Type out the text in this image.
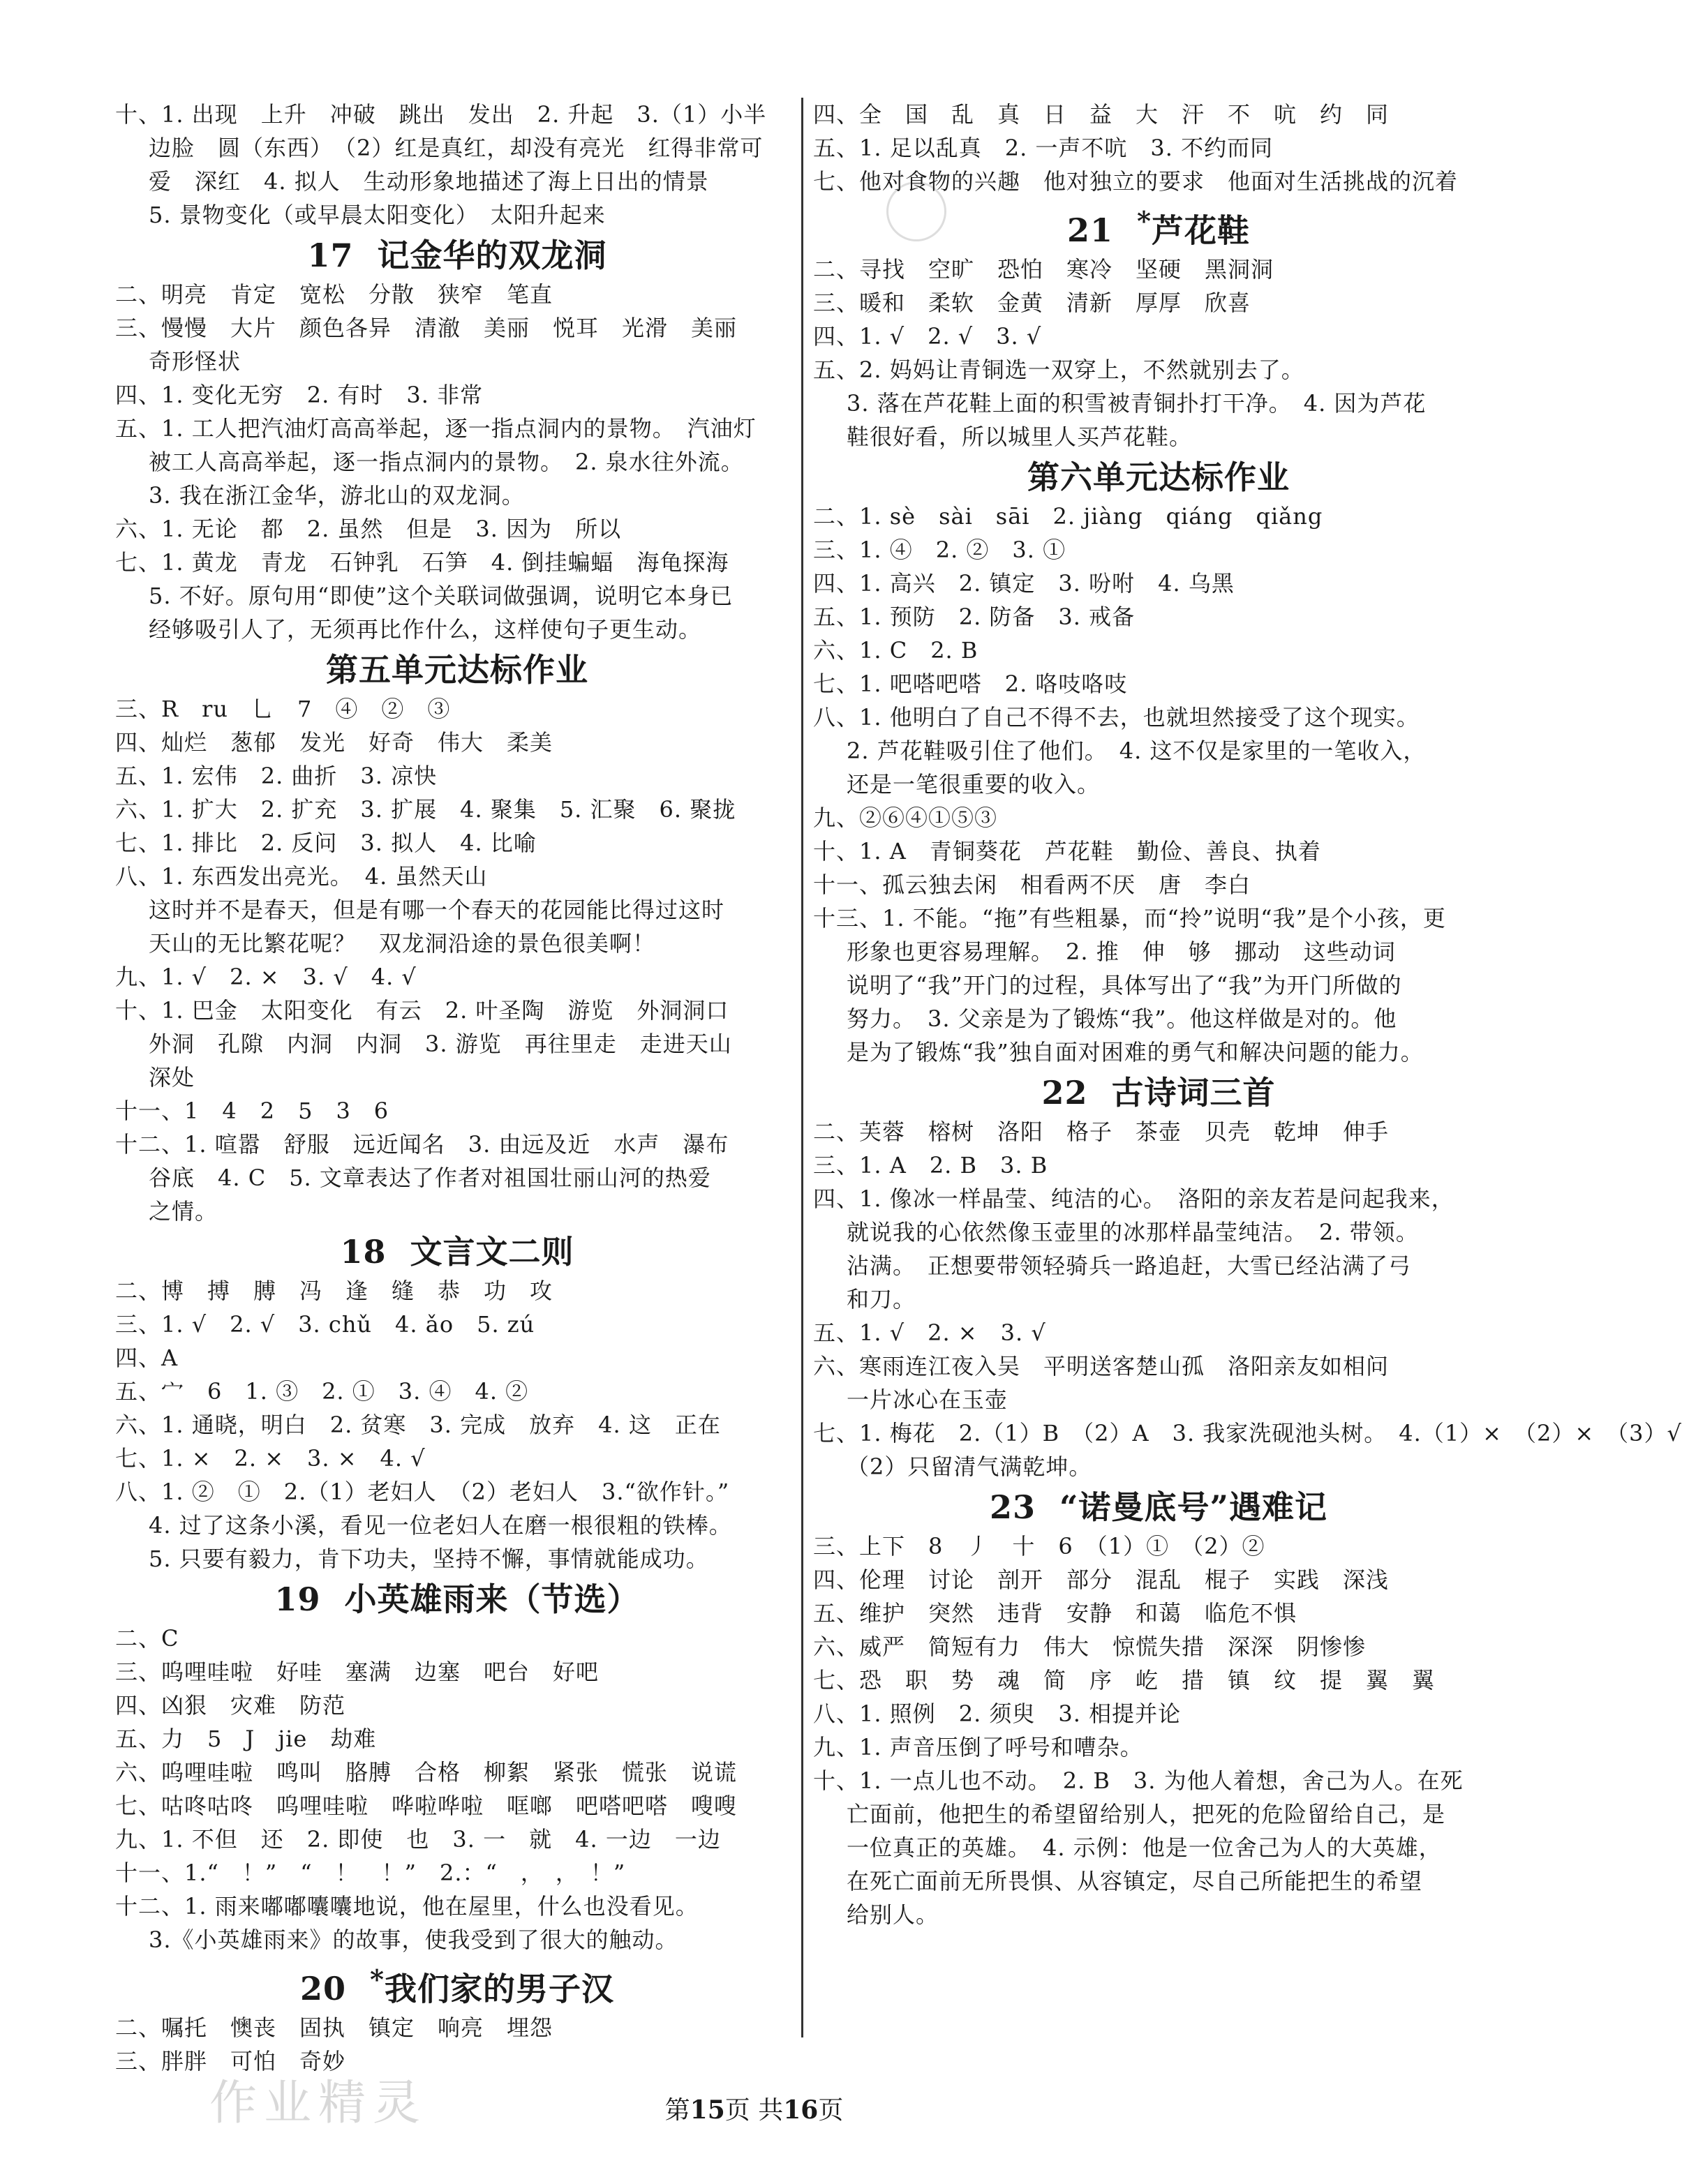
十、1. 出现　上升　冲破　跳出　发出　2. 升起　3.（1）小半

边脸　圆（东西）　（2）红是真红，却没有亮光　红得非常可

爱　深红　4. 拟人　生动形象地描述了海上日出的情景

5. 景物变化（或早晨太阳变化）　太阳升起来

17 记金华的双龙洞

二、明亮　肯定　宽松　分散　狭窄　笔直

三、慢慢　大片　颜色各异　清澈　美丽　悦耳　光滑　美丽

奇形怪状

四、1. 变化无穷　2. 有时　3. 非常

五、1. 工人把汽油灯高高举起，逐一指点洞内的景物。　汽油灯

被工人高高举起，逐一指点洞内的景物。　2. 泉水往外流。

3. 我在浙江金华，游北山的双龙洞。

六、1. 无论　都　2. 虽然　但是　3. 因为　所以

七、1. 黄龙　青龙　石钟乳　石笋　4. 倒挂蝙蝠　海龟探海

5. 不好。原句用“即使”这个关联词做强调，说明它本身已

经够吸引人了，无须再比作什么，这样使句子更生动。

第五单元达标作业

三、R　ru　乚　7　④　②　③

四、灿烂　葱郁　发光　好奇　伟大　柔美

五、1. 宏伟　2. 曲折　3. 凉快

六、1. 扩大　2. 扩充　3. 扩展　4. 聚集　5. 汇聚　6. 聚拢

七、1. 排比　2. 反问　3. 拟人　4. 比喻

八、1. 东西发出亮光。　4. 虽然天山

这时并不是春天，但是有哪一个春天的花园能比得过这时

天山的无比繁花呢？　双龙洞沿途的景色很美啊！

九、1. √　2. ×　3. √　4. √

十、1. 巴金　太阳变化　有云　2. 叶圣陶　游览　外洞洞口

外洞　孔隙　内洞　内洞　3. 游览　再往里走　走进天山

深处

十一、1　4　2　5　3　6

十二、1. 喧嚣　舒服　远近闻名　3. 由远及近　水声　瀑布

谷底　4. C　5. 文章表达了作者对祖国壮丽山河的热爱

之情。

18 文言文二则

二、博　搏　膊　冯　逢　缝　恭　功　攻

三、1. √　2. √　3. chǔ　4. ǎo　5. zú

四、A

五、宀　6　1. ③　2. ①　3. ④　4. ②

六、1. 通晓，明白　2. 贫寒　3. 完成　放弃　4. 这　正在

七、1. ×　2. ×　3. ×　4. √

八、1. ②　①　2.（1）老妇人　（2）老妇人　3.“欲作针。”

4. 过了这条小溪，看见一位老妇人在磨一根很粗的铁棒。

5. 只要有毅力，肯下功夫，坚持不懈，事情就能成功。

19 小英雄雨来（节选）

二、C

三、呜哩哇啦　好哇　塞满　边塞　吧台　好吧

四、凶狠　灾难　防范

五、力　5　J　jie　劫难

六、呜哩哇啦　鸣叫　胳膊　合格　柳絮　紧张　慌张　说谎

七、咕咚咕咚　呜哩哇啦　哗啦哗啦　哐啷　吧嗒吧嗒　嗖嗖

九、1. 不但　还　2. 即使　也　3. 一　就　4. 一边　一边

十一、1.“　！”　“　！　！”　2.：“　，　，　！”

十二、1. 雨来嘟嘟囔囔地说，他在屋里，什么也没看见。

3.《小英雄雨来》的故事，使我受到了很大的触动。

20 *我们家的男子汉

二、嘱托　懊丧　固执　镇定　响亮　埋怨

三、胖胖　可怕　奇妙

四、全　国　乱　真　日　益　大　汗　不　吭　约　同

五、1. 足以乱真　2. 一声不吭　3. 不约而同

七、他对食物的兴趣　他对独立的要求　他面对生活挑战的沉着

21 *芦花鞋

二、寻找　空旷　恐怕　寒冷　坚硬　黑洞洞

三、暖和　柔软　金黄　清新　厚厚　欣喜

四、1. √　2. √　3. √

五、2. 妈妈让青铜选一双穿上，不然就别去了。

3. 落在芦花鞋上面的积雪被青铜扑打干净。　4. 因为芦花

鞋很好看，所以城里人买芦花鞋。

第六单元达标作业

二、1. sè　sài　sāi　2. jiàng　qiáng　qiǎng

三、1. ④　2. ②　3. ①

四、1. 高兴　2. 镇定　3. 吩咐　4. 乌黑

五、1. 预防　2. 防备　3. 戒备

六、1. C　2. B

七、1. 吧嗒吧嗒　2. 咯吱咯吱

八、1. 他明白了自己不得不去，也就坦然接受了这个现实。

2. 芦花鞋吸引住了他们。　4. 这不仅是家里的一笔收入，

还是一笔很重要的收入。

九、②⑥④①⑤③

十、1. A　青铜葵花　芦花鞋　勤俭、善良、执着

十一、孤云独去闲　相看两不厌　唐　李白

十三、1. 不能。“拖”有些粗暴，而“拎”说明“我”是个小孩，更

形象也更容易理解。　2. 推　伸　够　挪动　这些动词

说明了“我”开门的过程，具体写出了“我”为开门所做的

努力。　3. 父亲是为了锻炼“我”。他这样做是对的。他

是为了锻炼“我”独自面对困难的勇气和解决问题的能力。

22 古诗词三首

二、芙蓉　榕树　洛阳　格子　茶壶　贝壳　乾坤　伸手

三、1. A　2. B　3. B

四、1. 像冰一样晶莹、纯洁的心。　洛阳的亲友若是问起我来，

就说我的心依然像玉壶里的冰那样晶莹纯洁。　2. 带领。

沾满。　正想要带领轻骑兵一路追赶，大雪已经沾满了弓

和刀。

五、1. √　2. ×　3. √

六、寒雨连江夜入吴　平明送客楚山孤　洛阳亲友如相问

一片冰心在玉壶

七、1. 梅花　2.（1）B　（2）A　3. 我家洗砚池头树。　4.（1）×　（2）×　（3）√

（2）只留清气满乾坤。

23 “诺曼底号”遇难记

三、上下　8　丿　十　6　（1）①　（2）②

四、伦理　讨论　剖开　部分　混乱　棍子　实践　深浅

五、维护　突然　违背　安静　和蔼　临危不惧

六、威严　简短有力　伟大　惊慌失措　深深　阴惨惨

七、恐　职　势　魂　简　序　屹　措　镇　纹　提　翼　翼

八、1. 照例　2. 须臾　3. 相提并论

九、1. 声音压倒了呼号和嘈杂。

十、1. 一点儿也不动。　2. B　3. 为他人着想，舍己为人。在死

亡面前，他把生的希望留给别人，把死的危险留给自己，是

一位真正的英雄。　4. 示例：他是一位舍己为人的大英雄，

在死亡面前无所畏惧、从容镇定，尽自己所能把生的希望

给别人。

第15页 共16页
作业精灵
